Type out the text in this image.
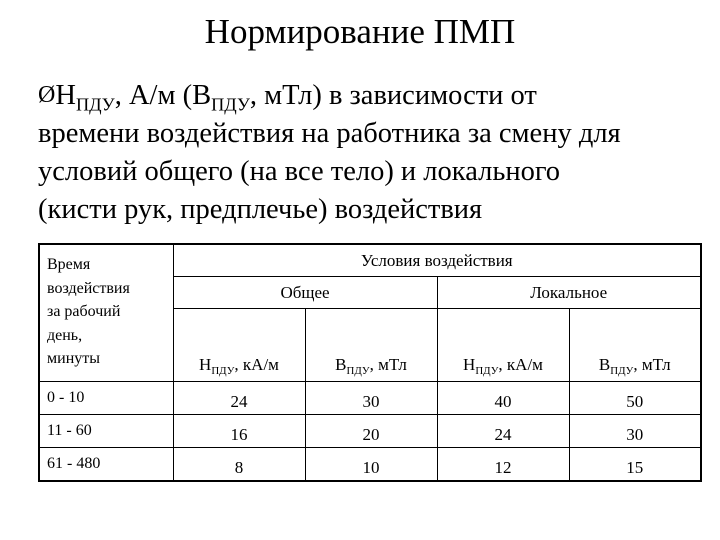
Нормирование ПМП
$ØН_{ПДУ}$, А/м ($В_{ПДУ}$, мТл) в зависимости от
времени воздействия на работника за смену для
условий общего (на все тело) и локального
(кисти рук, предплечье) воздействия
Время
воздействия
за рабочий
день,
минуты	Условия воздействия			
	Общее		Локальное	
	$Н_{ПДУ}$, кА/м	$В_{ПДУ}$, мТл	$Н_{ПДУ}$, кА/м	$В_{ПДУ}$, мТл
0 - 10	24	30	40	50
11 - 60	16	20	24	30
61 - 480	8	10	12	15
